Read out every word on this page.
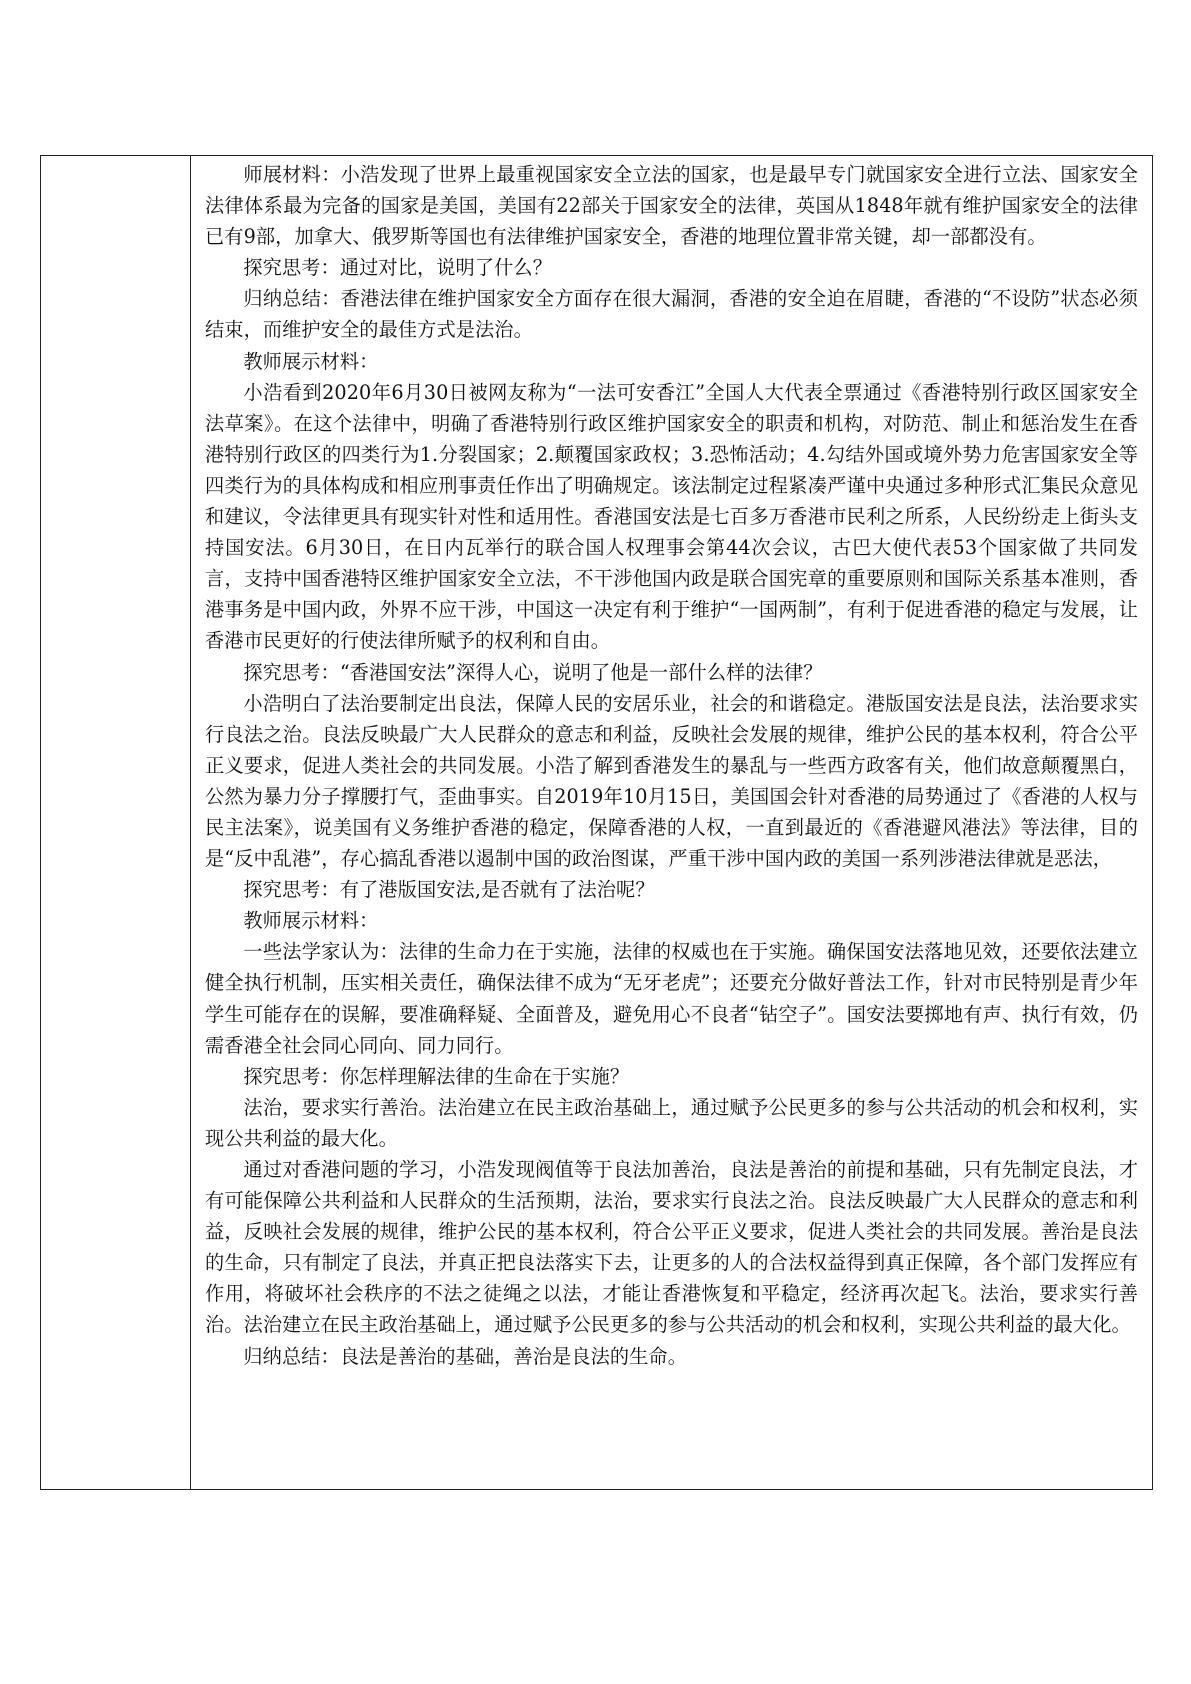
师展材料：小浩发现了世界上最重视国家安全立法的国家，也是最早专门就国家安全进行立法、国家安全法律体系最为完备的国家是美国，美国有22部关于国家安全的法律，英国从1848年就有维护国家安全的法律已有9部，加拿大、俄罗斯等国也有法律维护国家安全，香港的地理位置非常关键，却一部都没有。

探究思考：通过对比，说明了什么？

归纳总结：香港法律在维护国家安全方面存在很大漏洞，香港的安全迫在眉睫，香港的“不设防”状态必须结束，而维护安全的最佳方式是法治。

教师展示材料：

小浩看到2020年6月30日被网友称为“一法可安香江”全国人大代表全票通过《香港特别行政区国家安全法草案》。在这个法律中，明确了香港特别行政区维护国家安全的职责和机构，对防范、制止和惩治发生在香港特别行政区的四类行为1.分裂国家；2.颠覆国家政权；3.恐怖活动；4.勾结外国或境外势力危害国家安全等四类行为的具体构成和相应刑事责任作出了明确规定。该法制定过程紧凑严谨中央通过多种形式汇集民众意见和建议，令法律更具有现实针对性和适用性。香港国安法是七百多万香港市民利之所系，人民纷纷走上街头支持国安法。6月30日，在日内瓦举行的联合国人权理事会第44次会议，古巴大使代表53个国家做了共同发言，支持中国香港特区维护国家安全立法，不干涉他国内政是联合国宪章的重要原则和国际关系基本准则，香港事务是中国内政，外界不应干涉，中国这一决定有利于维护“一国两制”，有利于促进香港的稳定与发展，让香港市民更好的行使法律所赋予的权利和自由。

探究思考：“香港国安法”深得人心，说明了他是一部什么样的法律？

小浩明白了法治要制定出良法，保障人民的安居乐业，社会的和谐稳定。港版国安法是良法，法治要求实行良法之治。良法反映最广大人民群众的意志和利益，反映社会发展的规律，维护公民的基本权利，符合公平正义要求，促进人类社会的共同发展。小浩了解到香港发生的暴乱与一些西方政客有关，他们故意颠覆黑白，公然为暴力分子撑腰打气，歪曲事实。自2019年10月15日，美国国会针对香港的局势通过了《香港的人权与民主法案》，说美国有义务维护香港的稳定，保障香港的人权，一直到最近的《香港避风港法》等法律，目的是“反中乱港”，存心搞乱香港以遏制中国的政治图谋，严重干涉中国内政的美国一系列涉港法律就是恶法，

探究思考：有了港版国安法,是否就有了法治呢？

教师展示材料：

一些法学家认为：法律的生命力在于实施，法律的权威也在于实施。确保国安法落地见效，还要依法建立健全执行机制，压实相关责任，确保法律不成为“无牙老虎”；还要充分做好普法工作，针对市民特别是青少年学生可能存在的误解，要准确释疑、全面普及，避免用心不良者“钻空子”。国安法要掷地有声、执行有效，仍需香港全社会同心同向、同力同行。

探究思考：你怎样理解法律的生命在于实施？

法治，要求实行善治。法治建立在民主政治基础上，通过赋予公民更多的参与公共活动的机会和权利，实现公共利益的最大化。

通过对香港问题的学习，小浩发现阀值等于良法加善治，良法是善治的前提和基础，只有先制定良法，才有可能保障公共利益和人民群众的生活预期，法治，要求实行良法之治。良法反映最广大人民群众的意志和利益，反映社会发展的规律，维护公民的基本权利，符合公平正义要求，促进人类社会的共同发展。善治是良法的生命，只有制定了良法，并真正把良法落实下去，让更多的人的合法权益得到真正保障，各个部门发挥应有作用，将破坏社会秩序的不法之徒绳之以法，才能让香港恢复和平稳定，经济再次起飞。法治，要求实行善治。法治建立在民主政治基础上，通过赋予公民更多的参与公共活动的机会和权利，实现公共利益的最大化。

归纳总结：良法是善治的基础，善治是良法的生命。
